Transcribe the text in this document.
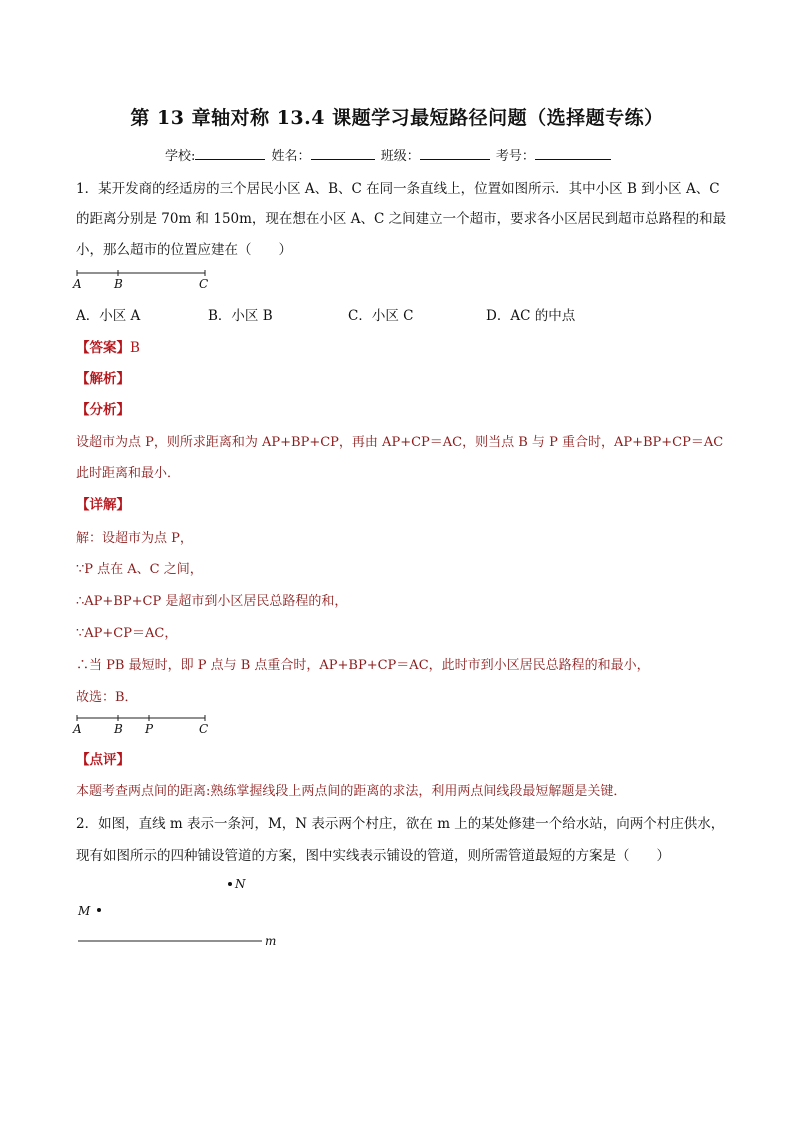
第 13 章轴对称 13.4 课题学习最短路径问题（选择题专练）
学校:	姓名：	班级：	考号：
1．某开发商的经适房的三个居民小区 A、B、C 在同一条直线上，位置如图所示．其中小区 B 到小区 A、C
的距离分别是 70m 和 150m，现在想在小区 A、C 之间建立一个超市，要求各小区居民到超市总路程的和最
小，那么超市的位置应建在（　　）
A	B	C
A．小区 A	B．小区 B	C．小区 C	D．AC 的中点
【答案】B
【解析】
【分析】
设超市为点 P，则所求距离和为 AP+BP+CP，再由 AP+CP＝AC，则当点 B 与 P 重合时，AP+BP+CP＝AC
此时距离和最小．
【详解】
解：设超市为点 P，
∵P 点在 A、C 之间，
∴AP+BP+CP 是超市到小区居民总路程的和，
∵AP+CP＝AC，
∴当 PB 最短时，即 P 点与 B 点重合时，AP+BP+CP＝AC，此时市到小区居民总路程的和最小，
故选：B．
A	B P	C
【点评】
本题考查两点间的距离:熟练掌握线段上两点间的距离的求法，利用两点间线段最短解题是关键．
2．如图，直线 m 表示一条河，M，N 表示两个村庄，欲在 m 上的某处修建一个给水站，向两个村庄供水，
现有如图所示的四种铺设管道的方案，图中实线表示铺设的管道，则所需管道最短的方案是（　　）
N
M
m
